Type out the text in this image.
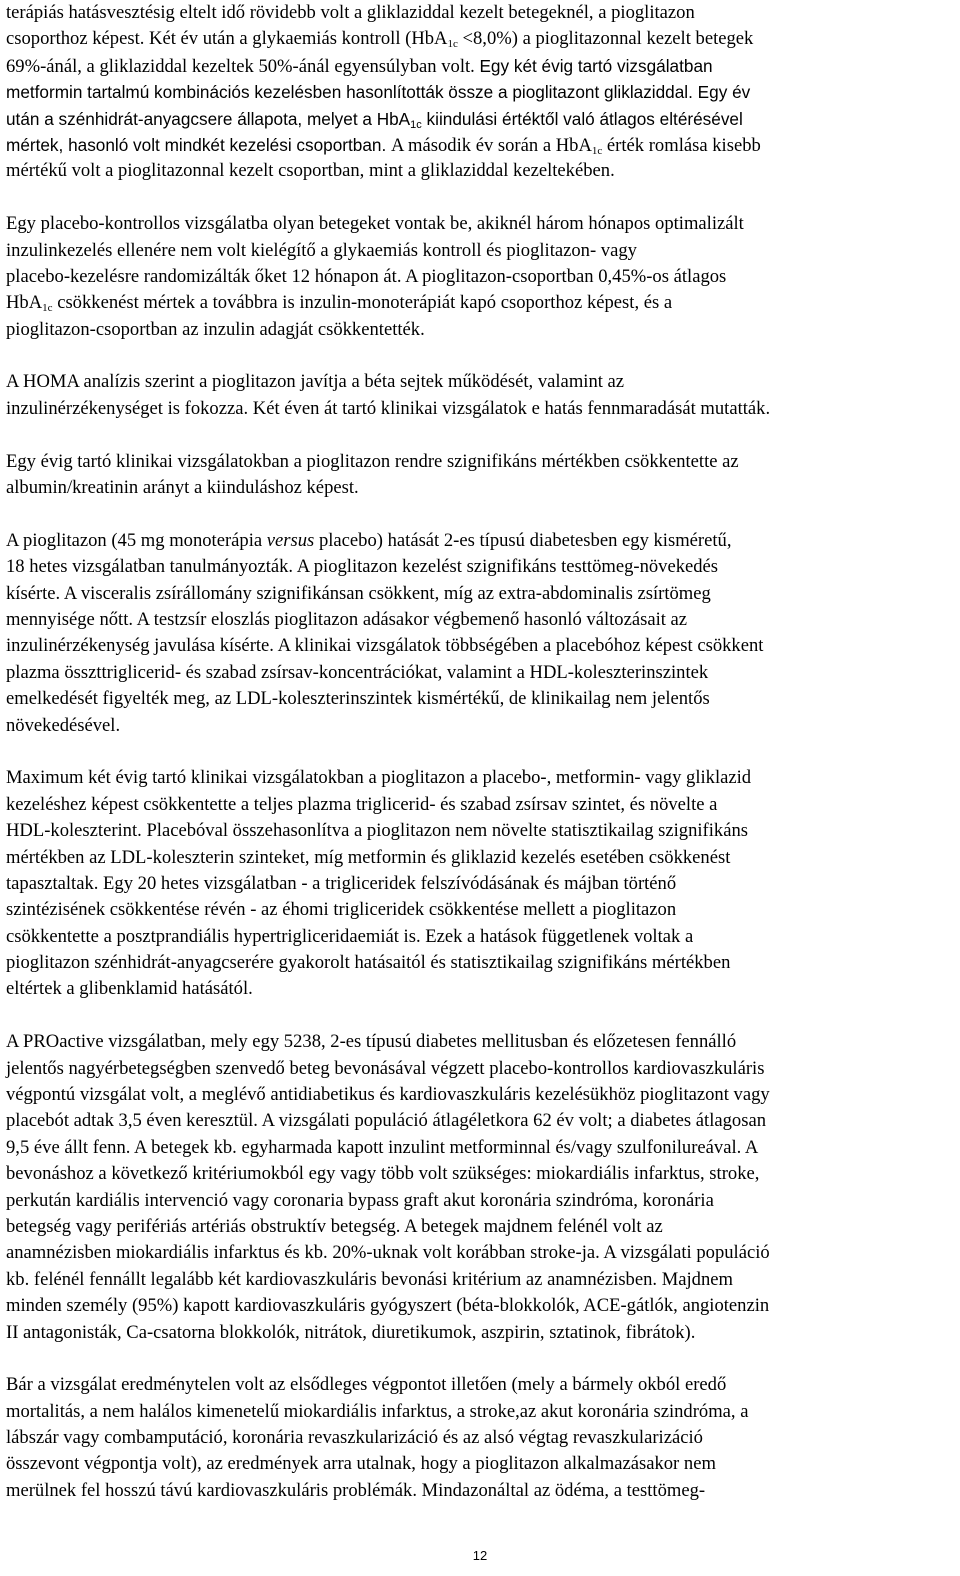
terápiás hatásvesztésig eltelt idő rövidebb volt a gliklaziddal kezelt betegeknél, a pioglitazon
csoporthoz képest. Két év után a glykaemiás kontroll (HbA$_{1c}$ <8,0%) a pioglitazonnal kezelt betegek
69%-ánál, a gliklaziddal kezeltek 50%-ánál egyensúlyban volt. Egy két évig tartó vizsgálatban
metformin tartalmú kombinációs kezelésben hasonlították össze a pioglitazont gliklaziddal. Egy év
után a szénhidrát-anyagcsere állapota, melyet a HbA$_{1c}$ kiindulási értéktől való átlagos eltérésével
mértek, hasonló volt mindkét kezelési csoportban. A második év során a HbA$_{1c}$ érték romlása kisebb
mértékű volt a pioglitazonnal kezelt csoportban, mint a gliklaziddal kezeltekében.
Egy placebo-kontrollos vizsgálatba olyan betegeket vontak be, akiknél három hónapos optimalizált
inzulinkezelés ellenére nem volt kielégítő a glykaemiás kontroll és pioglitazon- vagy
placebo-kezelésre randomizálták őket 12 hónapon át. A pioglitazon-csoportban 0,45%-os átlagos
HbA$_{1c}$ csökkenést mértek a továbbra is inzulin-monoterápiát kapó csoporthoz képest, és a
pioglitazon-csoportban az inzulin adagját csökkentették.
A HOMA analízis szerint a pioglitazon javítja a béta sejtek működését, valamint az
inzulinérzékenységet is fokozza. Két éven át tartó klinikai vizsgálatok e hatás fennmaradását mutatták.
Egy évig tartó klinikai vizsgálatokban a pioglitazon rendre szignifikáns mértékben csökkentette az
albumin/kreatinin arányt a kiinduláshoz képest.
A pioglitazon (45 mg monoterápia versus placebo) hatását 2-es típusú diabetesben egy kisméretű,
18 hetes vizsgálatban tanulmányozták. A pioglitazon kezelést szignifikáns testtömeg-növekedés
kísérte. A visceralis zsírállomány szignifikánsan csökkent, míg az extra-abdominalis zsírtömeg
mennyisége nőtt. A testzsír eloszlás pioglitazon adásakor végbemenő hasonló változásait az
inzulinérzékenység javulása kísérte. A klinikai vizsgálatok többségében a placebóhoz képest csökkent
plazma összttriglicerid- és szabad zsírsav-koncentrációkat, valamint a HDL-koleszterinszintek
emelkedését figyelték meg, az LDL-koleszterinszintek kismértékű, de klinikailag nem jelentős
növekedésével.
Maximum két évig tartó klinikai vizsgálatokban a pioglitazon a placebo-, metformin- vagy gliklazid
kezeléshez képest csökkentette a teljes plazma triglicerid- és szabad zsírsav szintet, és növelte a
HDL-koleszterint. Placebóval összehasonlítva a pioglitazon nem növelte statisztikailag szignifikáns
mértékben az LDL-koleszterin szinteket, míg metformin és gliklazid kezelés esetében csökkenést
tapasztaltak. Egy 20 hetes vizsgálatban - a trigliceridek felszívódásának és májban történő
szintézisének csökkentése révén - az éhomi trigliceridek csökkentése mellett a pioglitazon
csökkentette a posztprandiális hypertrigliceridaemiát is. Ezek a hatások függetlenek voltak a
pioglitazon szénhidrát-anyagcserére gyakorolt hatásaitól és statisztikailag szignifikáns mértékben
eltértek a glibenklamid hatásától.
A PROactive vizsgálatban, mely egy 5238, 2-es típusú diabetes mellitusban és előzetesen fennálló
jelentős nagyérbetegségben szenvedő beteg bevonásával végzett placebo-kontrollos kardiovaszkuláris
végpontú vizsgálat volt, a meglévő antidiabetikus és kardiovaszkuláris kezelésükhöz pioglitazont vagy
placebót adtak 3,5 éven keresztül. A vizsgálati populáció átlagéletkora 62 év volt; a diabetes átlagosan
9,5 éve állt fenn. A betegek kb. egyharmada kapott inzulint metforminnal és/vagy szulfonilureával. A
bevonáshoz a következő kritériumokból egy vagy több volt szükséges: miokardiális infarktus, stroke,
perkután kardiális intervenció vagy coronaria bypass graft akut koronária szindróma, koronária
betegség vagy perifériás artériás obstruktív betegség. A betegek majdnem felénél volt az
anamnézisben miokardiális infarktus és kb. 20%-uknak volt korábban stroke-ja. A vizsgálati populáció
kb. felénél fennállt legalább két kardiovaszkuláris bevonási kritérium az anamnézisben. Majdnem
minden személy (95%) kapott kardiovaszkuláris gyógyszert (béta-blokkolók, ACE-gátlók, angiotenzin
II antagonisták, Ca-csatorna blokkolók, nitrátok, diuretikumok, aszpirin, sztatinok, fibrátok).
Bár a vizsgálat eredménytelen volt az elsődleges végpontot illetően (mely a bármely okból eredő
mortalitás, a nem halálos kimenetelű miokardiális infarktus, a stroke,az akut koronária szindróma, a
lábszár vagy combamputáció, koronária revaszkularizáció és az alsó végtag revaszkularizáció
összevont végpontja volt), az eredmények arra utalnak, hogy a pioglitazon alkalmazásakor nem
merülnek fel hosszú távú kardiovaszkuláris problémák. Mindazonáltal az ödéma, a testtömeg-
12
